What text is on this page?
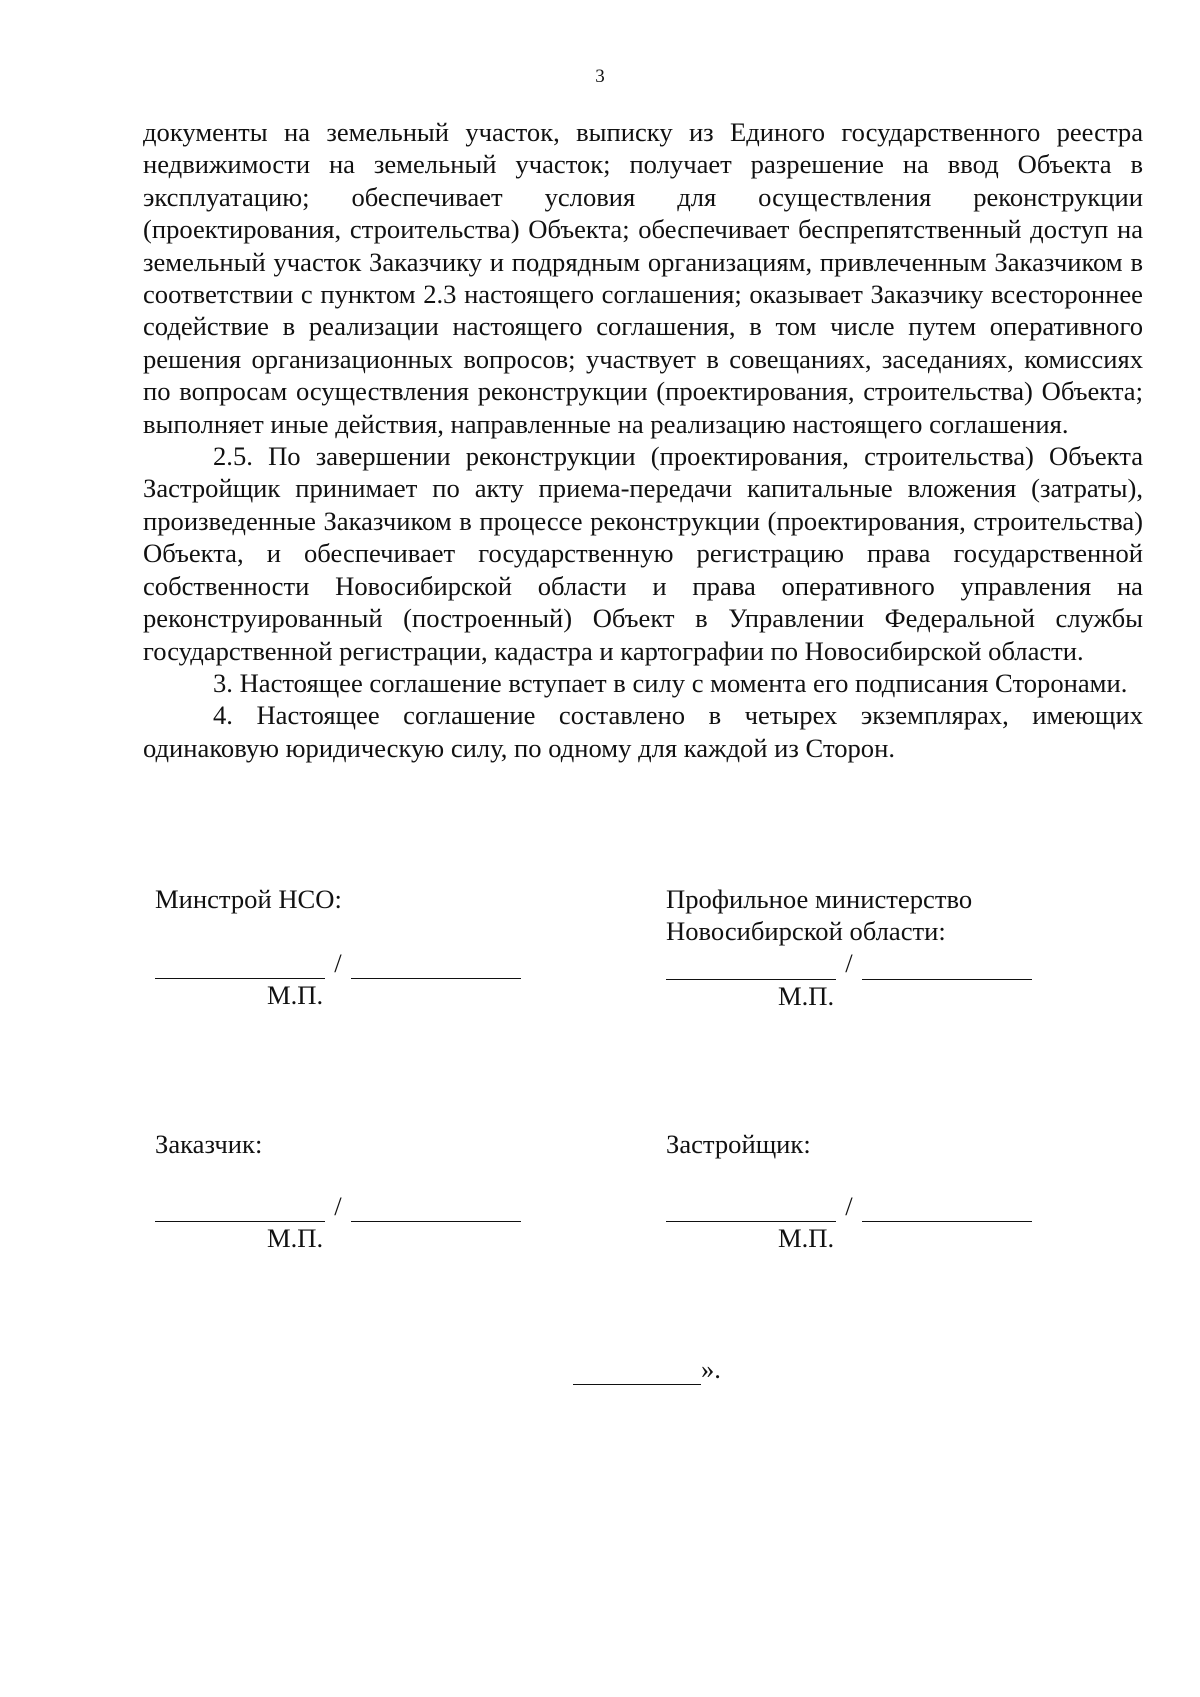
3

документы на земельный участок, выписку из Единого государственного реестра недвижимости на земельный участок; получает разрешение на ввод Объекта в эксплуатацию; обеспечивает условия для осуществления реконструкции (проектирования, строительства) Объекта; обеспечивает беспрепятственный доступ на земельный участок Заказчику и подрядным организациям, привлеченным Заказчиком в соответствии с пунктом 2.3 настоящего соглашения; оказывает Заказчику всестороннее содействие в реализации настоящего соглашения, в том числе путем оперативного решения организационных вопросов; участвует в совещаниях, заседаниях, комиссиях по вопросам осуществления реконструкции (проектирования, строительства) Объекта; выполняет иные действия, направленные на реализацию настоящего соглашения.

2.5. По завершении реконструкции (проектирования, строительства) Объекта Застройщик принимает по акту приема-передачи капитальные вложения (затраты), произведенные Заказчиком в процессе реконструкции (проектирования, строительства) Объекта, и обеспечивает государственную регистрацию права государственной собственности Новосибирской области и права оперативного управления на реконструированный (построенный) Объект в Управлении Федеральной службы государственной регистрации, кадастра и картографии по Новосибирской области.

3. Настоящее соглашение вступает в силу с момента его подписания Сторонами.

4. Настоящее соглашение составлено в четырех экземплярах, имеющих одинаковую юридическую силу, по одному для каждой из Сторон.

Минстрой НСО:
/
М.П.
Профильное министерство
Новосибирской области:
/
М.П.
Заказчик:
/
М.П.
Застройщик:
/
М.П.
».
